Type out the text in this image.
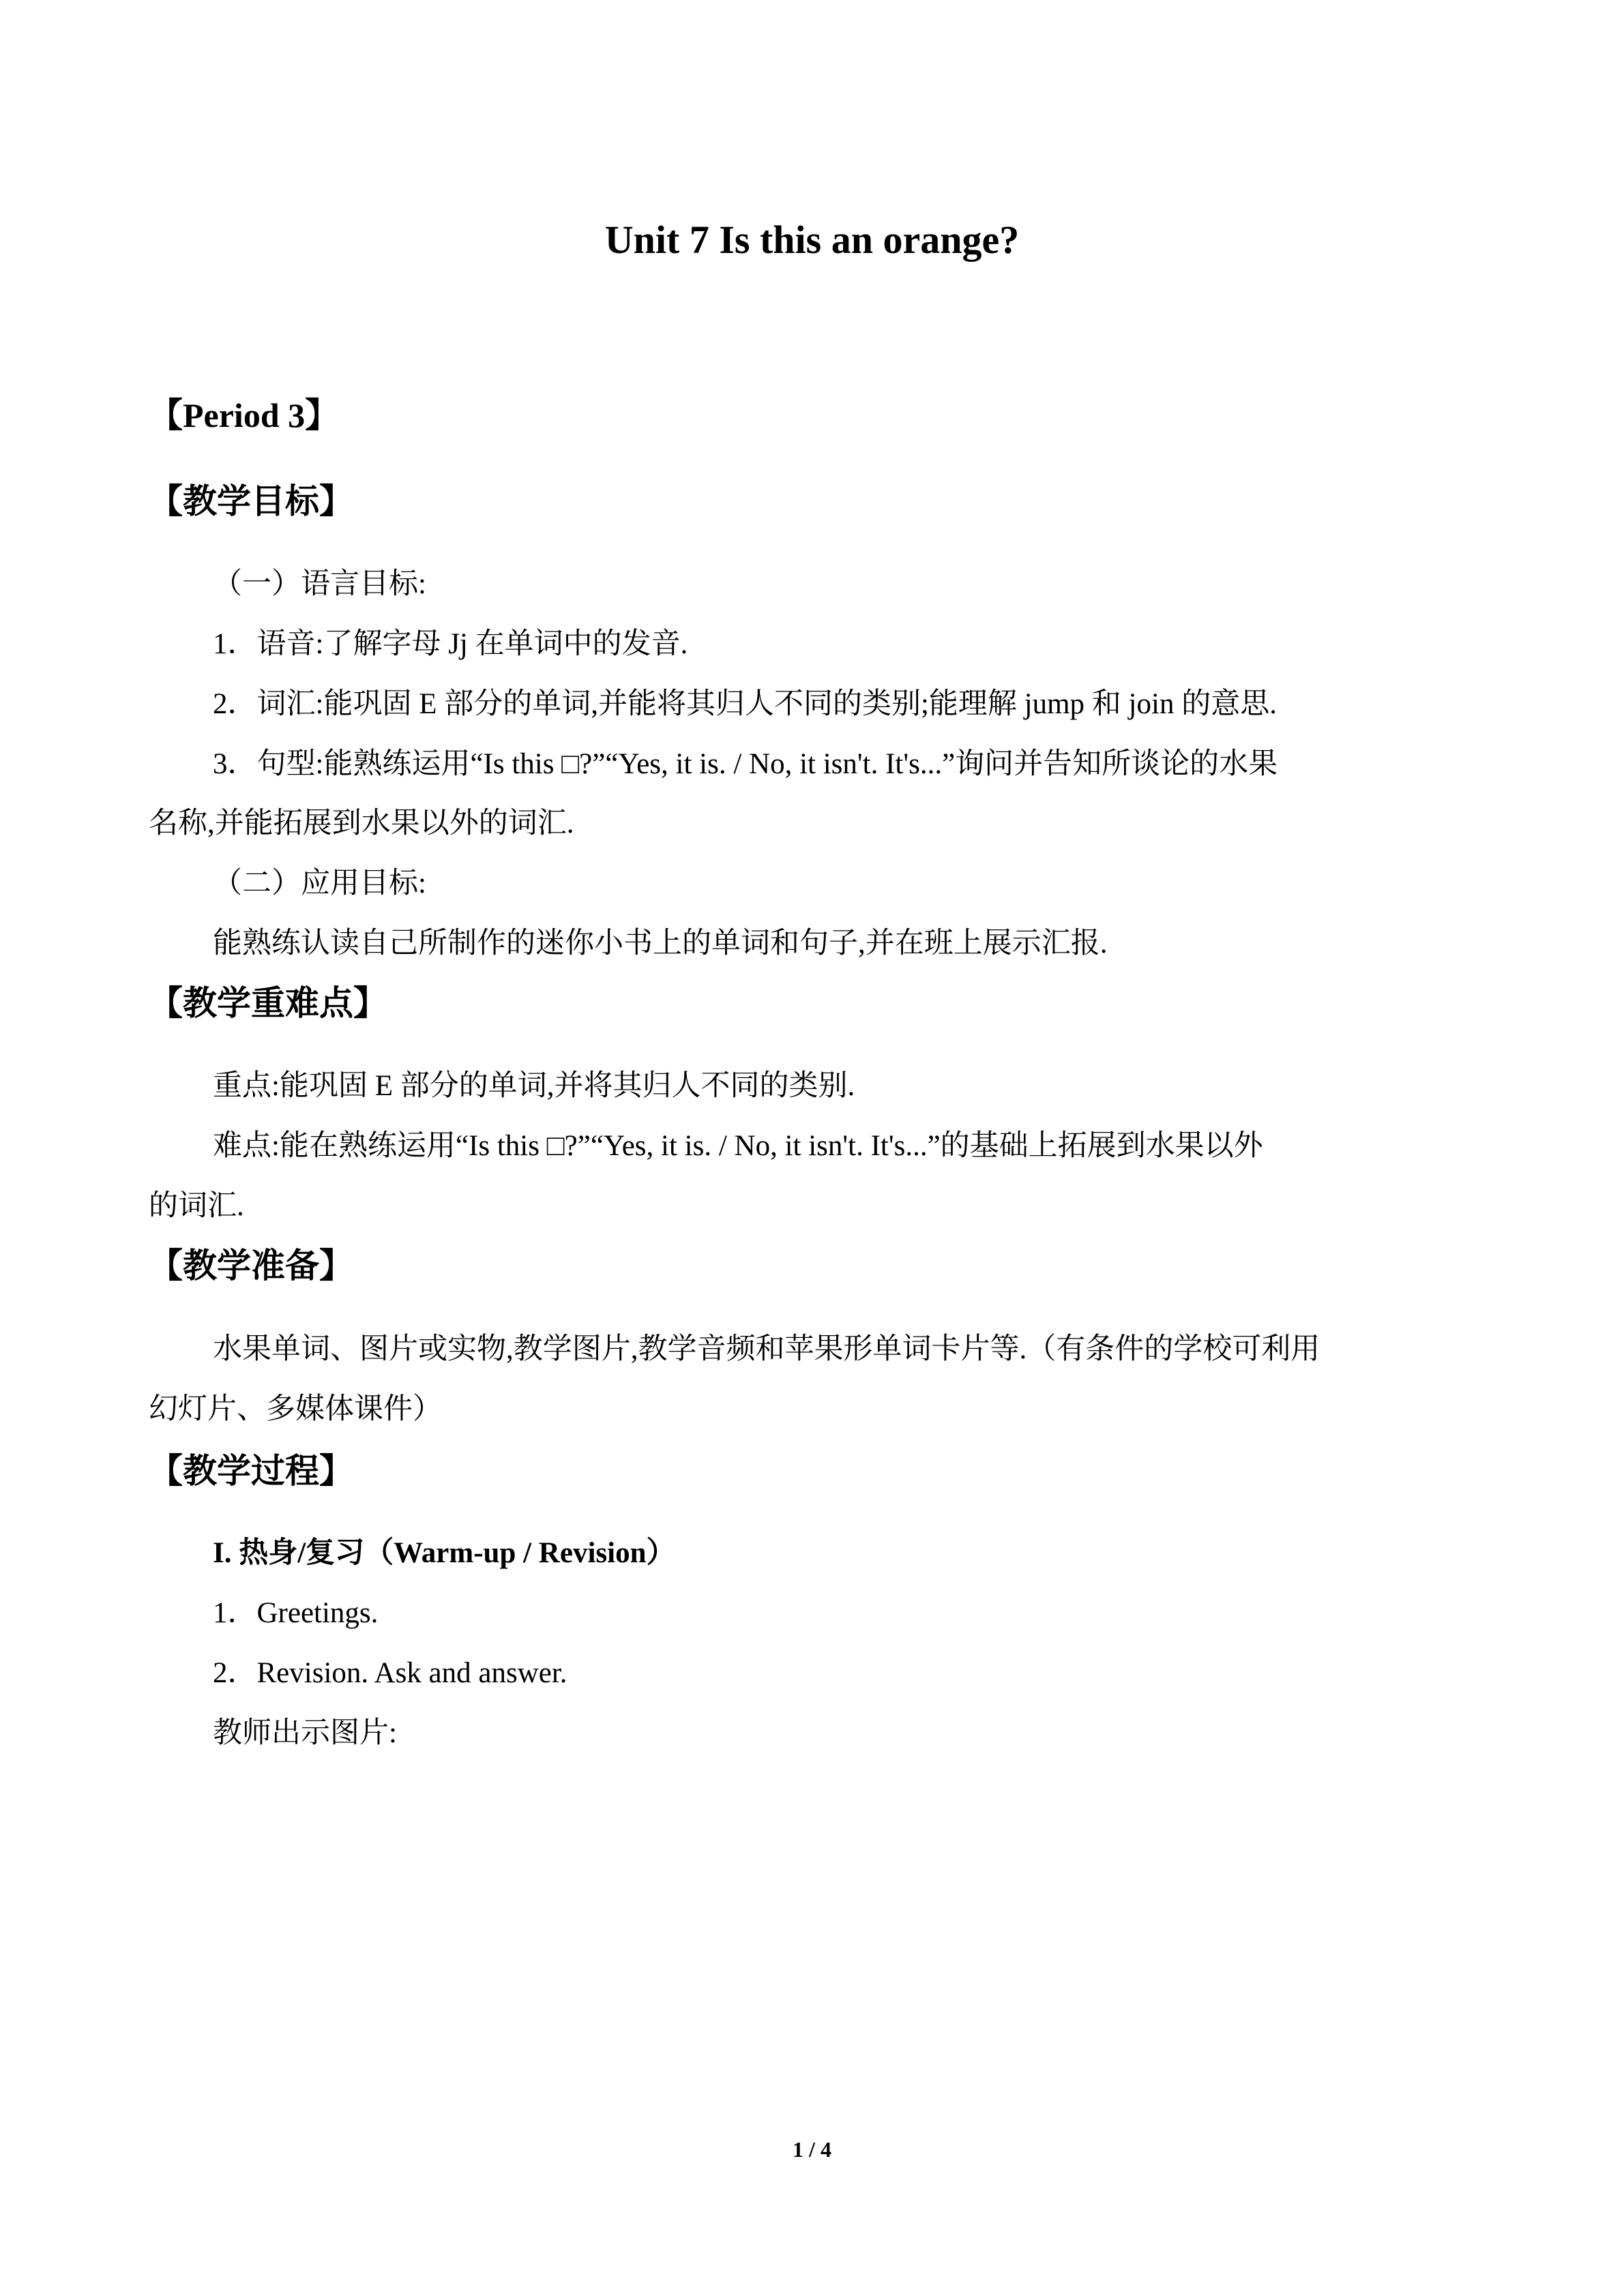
Unit 7 Is this an orange?
【Period 3】
【教学目标】
（一）语言目标:
1．语音:了解字母 Jj 在单词中的发音.
2．词汇:能巩固 E 部分的单词,并能将其归人不同的类别;能理解 jump 和 join 的意思.
3．句型:能熟练运用“Is this □?”“Yes, it is. / No, it isn't. It's...”询问并告知所谈论的水果
名称,并能拓展到水果以外的词汇.
（二）应用目标:
能熟练认读自己所制作的迷你小书上的单词和句子,并在班上展示汇报.
【教学重难点】
重点:能巩固 E 部分的单词,并将其归人不同的类别.
难点:能在熟练运用“Is this □?”“Yes, it is. / No, it isn't. It's...”的基础上拓展到水果以外
的词汇.
【教学准备】
水果单词、图片或实物,教学图片,教学音频和苹果形单词卡片等.（有条件的学校可利用
幻灯片、多媒体课件）
【教学过程】
I. 热身/复习（Warm-up / Revision）
1．Greetings.
2．Revision. Ask and answer.
教师出示图片:
1 / 4
